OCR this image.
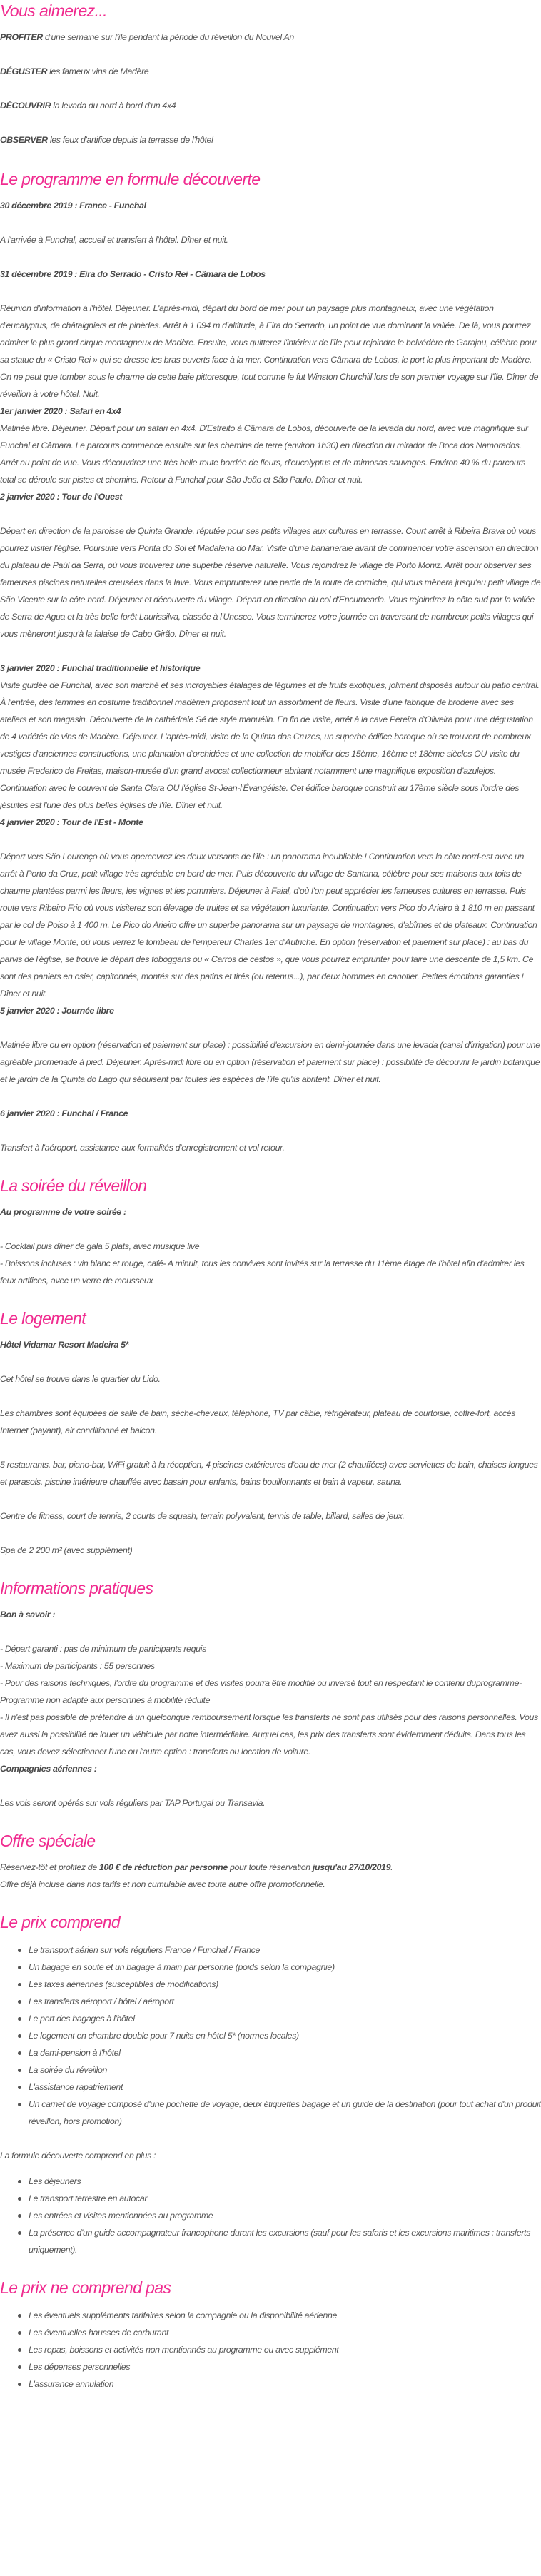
Vous aimerez...

PROFITER d'une semaine sur l'île pendant la période du réveillon du Nouvel An

DÉGUSTER les fameux vins de Madère

DÉCOUVRIR la levada du nord à bord d'un 4x4

OBSERVER les feux d'artifice depuis la terrasse de l'hôtel

Le programme en formule découverte

30 décembre 2019 : France - Funchal

A l'arrivée à Funchal, accueil et transfert à l'hôtel. Dîner et nuit.

31 décembre 2019 : Eira do Serrado - Cristo Rei - Câmara de Lobos

Réunion d'information à l'hôtel. Déjeuner. L'après-midi, départ du bord de mer pour un paysage plus montagneux, avec une végétation d'eucalyptus, de châtaigniers et de pinèdes. Arrêt à 1 094 m d'altitude, à Eira do Serrado, un point de vue dominant la vallée. De là, vous pourrez admirer le plus grand cirque montagneux de Madère. Ensuite, vous quitterez l'intérieur de l'île pour rejoindre le belvédère de Garajau, célèbre pour sa statue du « Cristo Rei » qui se dresse les bras ouverts face à la mer. Continuation vers Câmara de Lobos, le port le plus important de Madère. On ne peut que tomber sous le charme de cette baie pittoresque, tout comme le fut Winston Churchill lors de son premier voyage sur l'île. Dîner de réveillon à votre hôtel. Nuit.

1er janvier 2020 : Safari en 4x4

Matinée libre. Déjeuner. Départ pour un safari en 4x4. D'Estreito à Câmara de Lobos, découverte de la levada du nord, avec vue magnifique sur Funchal et Câmara. Le parcours commence ensuite sur les chemins de terre (environ 1h30) en direction du mirador de Boca dos Namorados. Arrêt au point de vue. Vous découvrirez une très belle route bordée de fleurs, d'eucalyptus et de mimosas sauvages. Environ 40 % du parcours total se déroule sur pistes et chemins. Retour à Funchal pour São João et São Paulo. Dîner et nuit.

2 janvier 2020 : Tour de l'Ouest

Départ en direction de la paroisse de Quinta Grande, réputée pour ses petits villages aux cultures en terrasse. Court arrêt à Ribeira Brava où vous pourrez visiter l'église. Poursuite vers Ponta do Sol et Madalena do Mar. Visite d'une bananeraie avant de commencer votre ascension en direction du plateau de Paúl da Serra, où vous trouverez une superbe réserve naturelle. Vous rejoindrez le village de Porto Moniz. Arrêt pour observer ses fameuses piscines naturelles creusées dans la lave. Vous emprunterez une partie de la route de corniche, qui vous mènera jusqu'au petit village de São Vicente sur la côte nord. Déjeuner et découverte du village. Départ en direction du col d'Encumeada. Vous rejoindrez la côte sud par la vallée de Serra de Agua et la très belle forêt Laurissilva, classée à l'Unesco. Vous terminerez votre journée en traversant de nombreux petits villages qui vous mèneront jusqu'à la falaise de Cabo Girão. Dîner et nuit.

3 janvier 2020 : Funchal traditionnelle et historique

Visite guidée de Funchal, avec son marché et ses incroyables étalages de légumes et de fruits exotiques, joliment disposés autour du patio central. À l'entrée, des femmes en costume traditionnel madérien proposent tout un assortiment de fleurs. Visite d'une fabrique de broderie avec ses ateliers et son magasin. Découverte de la cathédrale Sé de style manuélin. En fin de visite, arrêt à la cave Pereira d'Oliveira pour une dégustation de 4 variétés de vins de Madère. Déjeuner. L'après-midi, visite de la Quinta das Cruzes, un superbe édifice baroque où se trouvent de nombreux vestiges d'anciennes constructions, une plantation d'orchidées et une collection de mobilier des 15ème, 16ème et 18ème siècles OU visite du musée Frederico de Freitas, maison-musée d'un grand avocat collectionneur abritant notamment une magnifique exposition d'azulejos. Continuation avec le couvent de Santa Clara OU l'église St-Jean-l'Évangéliste. Cet édifice baroque construit au 17ème siècle sous l'ordre des jésuites est l'une des plus belles églises de l'île. Dîner et nuit.

4 janvier 2020 : Tour de l'Est - Monte

Départ vers São Lourenço où vous apercevrez les deux versants de l'île : un panorama inoubliable ! Continuation vers la côte nord-est avec un arrêt à Porto da Cruz, petit village très agréable en bord de mer. Puis découverte du village de Santana, célèbre pour ses maisons aux toits de chaume plantées parmi les fleurs, les vignes et les pommiers. Déjeuner à Faial, d'où l'on peut apprécier les fameuses cultures en terrasse. Puis route vers Ribeiro Frio où vous visiterez son élevage de truites et sa végétation luxuriante. Continuation vers Pico do Arieiro à 1 810 m en passant par le col de Poiso à 1 400 m. Le Pico do Arieiro offre un superbe panorama sur un paysage de montagnes, d'abîmes et de plateaux. Continuation pour le village Monte, où vous verrez le tombeau de l'empereur Charles 1er d'Autriche. En option (réservation et paiement sur place) : au bas du parvis de l'église, se trouve le départ des toboggans ou « Carros de cestos », que vous pourrez emprunter pour faire une descente de 1,5 km. Ce sont des paniers en osier, capitonnés, montés sur des patins et tirés (ou retenus...), par deux hommes en canotier. Petites émotions garanties ! Dîner et nuit.

5 janvier 2020 : Journée libre

Matinée libre ou en option (réservation et paiement sur place) : possibilité d'excursion en demi-journée dans une levada (canal d'irrigation) pour une agréable promenade à pied. Déjeuner. Après-midi libre ou en option (réservation et paiement sur place) : possibilité de découvrir le jardin botanique et le jardin de la Quinta do Lago qui séduisent par toutes les espèces de l'île qu'ils abritent. Dîner et nuit.

6 janvier 2020 : Funchal / France

Transfert à l'aéroport, assistance aux formalités d'enregistrement et vol retour.

La soirée du réveillon

Au programme de votre soirée :

- Cocktail puis dîner de gala 5 plats, avec musique live

- Boissons incluses : vin blanc et rouge, café- A minuit, tous les convives sont invités sur la terrasse du 11ème étage de l'hôtel afin d'admirer les feux artifices, avec un verre de mousseux

Le logement

Hôtel Vidamar Resort Madeira 5*

Cet hôtel se trouve dans le quartier du Lido.

Les chambres sont équipées de salle de bain, sèche-cheveux, téléphone, TV par câble, réfrigérateur, plateau de courtoisie, coffre-fort, accès Internet (payant), air conditionné et balcon.

5 restaurants, bar, piano-bar, WiFi gratuit à la réception, 4 piscines extérieures d'eau de mer (2 chauffées) avec serviettes de bain, chaises longues et parasols, piscine intérieure chauffée avec bassin pour enfants, bains bouillonnants et bain à vapeur, sauna.

Centre de fitness, court de tennis, 2 courts de squash, terrain polyvalent, tennis de table, billard, salles de jeux.

Spa de 2 200 m² (avec supplément)

Informations pratiques

Bon à savoir :

- Départ garanti : pas de minimum de participants requis

- Maximum de participants : 55 personnes

- Pour des raisons techniques, l'ordre du programme et des visites pourra être modifié ou inversé tout en respectant le contenu duprogramme- Programme non adapté aux personnes à mobilité réduite

- Il n'est pas possible de prétendre à un quelconque remboursement lorsque les transferts ne sont pas utilisés pour des raisons personnelles. Vous avez aussi la possibilité de louer un véhicule par notre intermédiaire. Auquel cas, les prix des transferts sont évidemment déduits. Dans tous les cas, vous devez sélectionner l'une ou l'autre option : transferts ou location de voiture.

Compagnies aériennes :

Les vols seront opérés sur vols réguliers par TAP Portugal ou Transavia.

Offre spéciale

Réservez-tôt et profitez de 100 € de réduction par personne pour toute réservation jusqu'au 27/10/2019.

Offre déjà incluse dans nos tarifs et non cumulable avec toute autre offre promotionnelle.

Le prix comprend
Le transport aérien sur vols réguliers France / Funchal / France
Un bagage en soute et un bagage à main par personne (poids selon la compagnie)
Les taxes aériennes (susceptibles de modifications)
Les transferts aéroport / hôtel / aéroport
Le port des bagages à l'hôtel
Le logement en chambre double pour 7 nuits en hôtel 5* (normes locales)
La demi-pension à l'hôtel
La soirée du réveillon
L'assistance rapatriement
Un carnet de voyage composé d'une pochette de voyage, deux étiquettes bagage et un guide de la destination (pour tout achat d'un produit réveillon, hors promotion)

La formule découverte comprend en plus :

Les déjeuners
Le transport terrestre en autocar
Les entrées et visites mentionnées au programme
La présence d'un guide accompagnateur francophone durant les excursions (sauf pour les safaris et les excursions maritimes : transferts uniquement).
Le prix ne comprend pas
Les éventuels suppléments tarifaires selon la compagnie ou la disponibilité aérienne
Les éventuelles hausses de carburant
Les repas, boissons et activités non mentionnés au programme ou avec supplément
Les dépenses personnelles
L'assurance annulation
